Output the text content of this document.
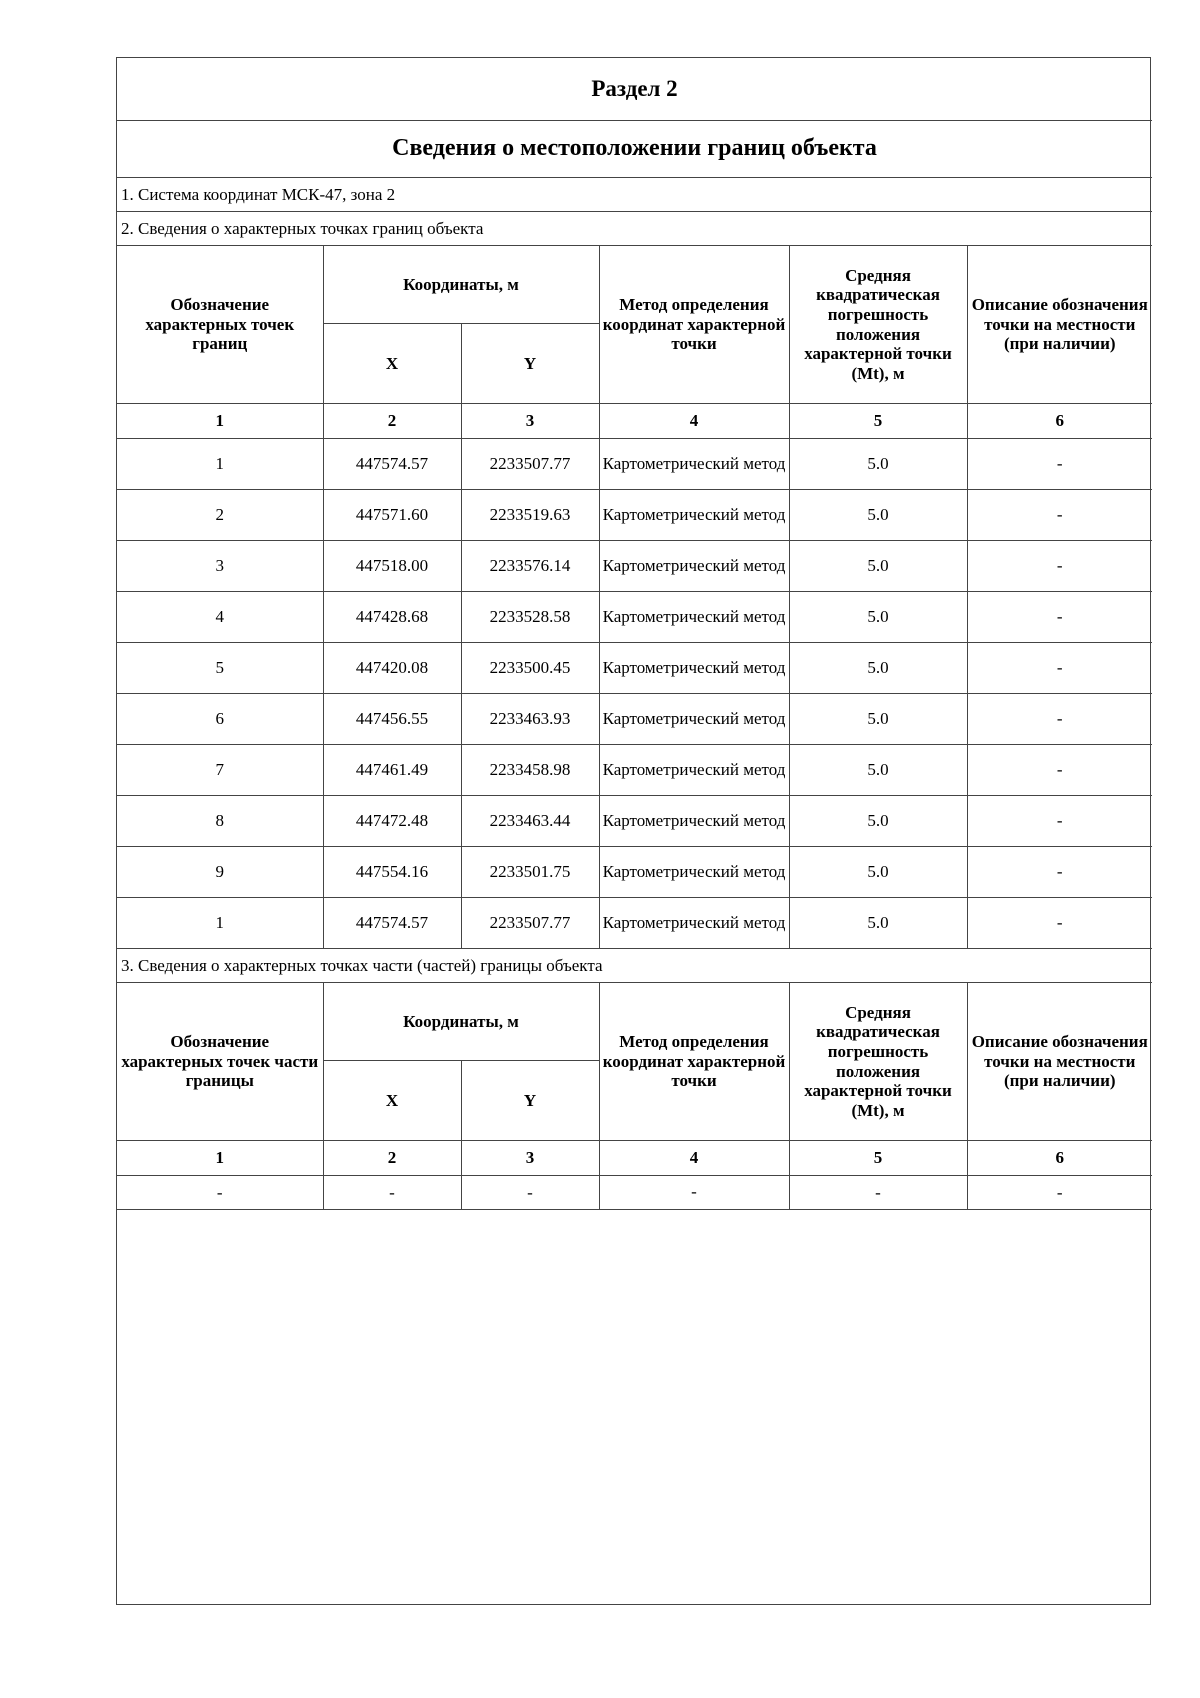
Раздел 2					
Сведения о местоположении границ объекта					
1. Система координат МСК-47, зона 2					
2. Сведения о характерных точках границ объекта					
Обозначение характерных точек границ	Координаты, м		Метод определения координат характерной точки	Средняя квадратическая погрешность положения характерной точки (Mt), м	Описание обозначения точки на местности (при наличии)
	X	Y			
1	2	3	4	5	6
1	447574.57	2233507.77	Картометрический метод	5.0	-
2	447571.60	2233519.63	Картометрический метод	5.0	-
3	447518.00	2233576.14	Картометрический метод	5.0	-
4	447428.68	2233528.58	Картометрический метод	5.0	-
5	447420.08	2233500.45	Картометрический метод	5.0	-
6	447456.55	2233463.93	Картометрический метод	5.0	-
7	447461.49	2233458.98	Картометрический метод	5.0	-
8	447472.48	2233463.44	Картометрический метод	5.0	-
9	447554.16	2233501.75	Картометрический метод	5.0	-
1	447574.57	2233507.77	Картометрический метод	5.0	-
3. Сведения о характерных точках части (частей) границы объекта					
Обозначение характерных точек части границы	Координаты, м		Метод определения координат характерной точки	Средняя квадратическая погрешность положения характерной точки (Mt), м	Описание обозначения точки на местности (при наличии)
	X	Y			
1	2	3	4	5	6
-	-	-	-	-	-
